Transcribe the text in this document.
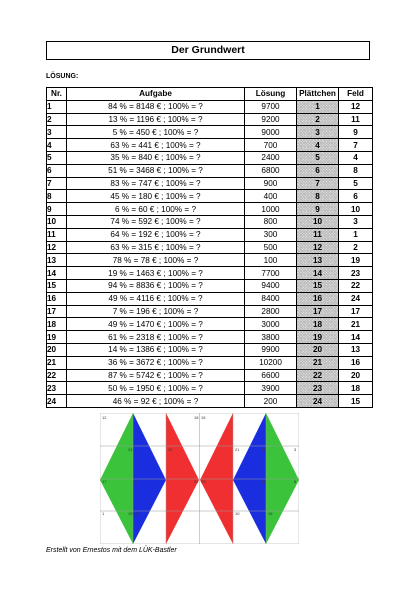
Der Grundwert
LÖSUNG:
Nr.	Aufgabe	Lösung	Plättchen	Feld
1	84 % = 8148 € ; 100% = ?	9700	1	12
2	13 % = 1196 € ; 100% = ?	9200	2	11
3	5 % = 450 € ; 100% = ?	9000	3	9
4	63 % = 441 € ; 100% = ?	700	4	7
5	35 % = 840 € ; 100% = ?	2400	5	4
6	51 % = 3468 € ; 100% = ?	6800	6	8
7	83 % = 747 € ; 100% = ?	900	7	5
8	45 % = 180 € ; 100% = ?	400	8	6
9	6 % = 60 € ; 100% = ?	1000	9	10
10	74 % = 592 € ; 100% = ?	800	10	3
11	64 % = 192 € ; 100% = ?	300	11	1
12	63 % = 315 € ; 100% = ?	500	12	2
13	78 % = 78 € ; 100% = ?	100	13	19
14	19 % = 1463 € ; 100% = ?	7700	14	23
15	94 % = 8836 € ; 100% = ?	9400	15	22
16	49 % = 4116 € ; 100% = ?	8400	16	24
17	7 % = 196 € ; 100% = ?	2800	17	17
18	49 % = 1470 € ; 100% = ?	3000	18	21
19	61 % = 2318 € ; 100% = ?	3800	19	14
20	14 % = 1386 € ; 100% = ?	9900	20	13
21	36 % = 3672 € ; 100% = ?	10200	21	16
22	87 % = 5742 € ; 100% = ?	6600	22	20
23	50 % = 1950 € ; 100% = ?	3900	23	18
24	46 % = 92 € ; 100% = ?	200	24	15
12
24
18 15
20	21	13	3
17	9	22 23	14	6
1	19 11	10	16
Erstellt von Ernestos mit dem LÜK-Bastler
